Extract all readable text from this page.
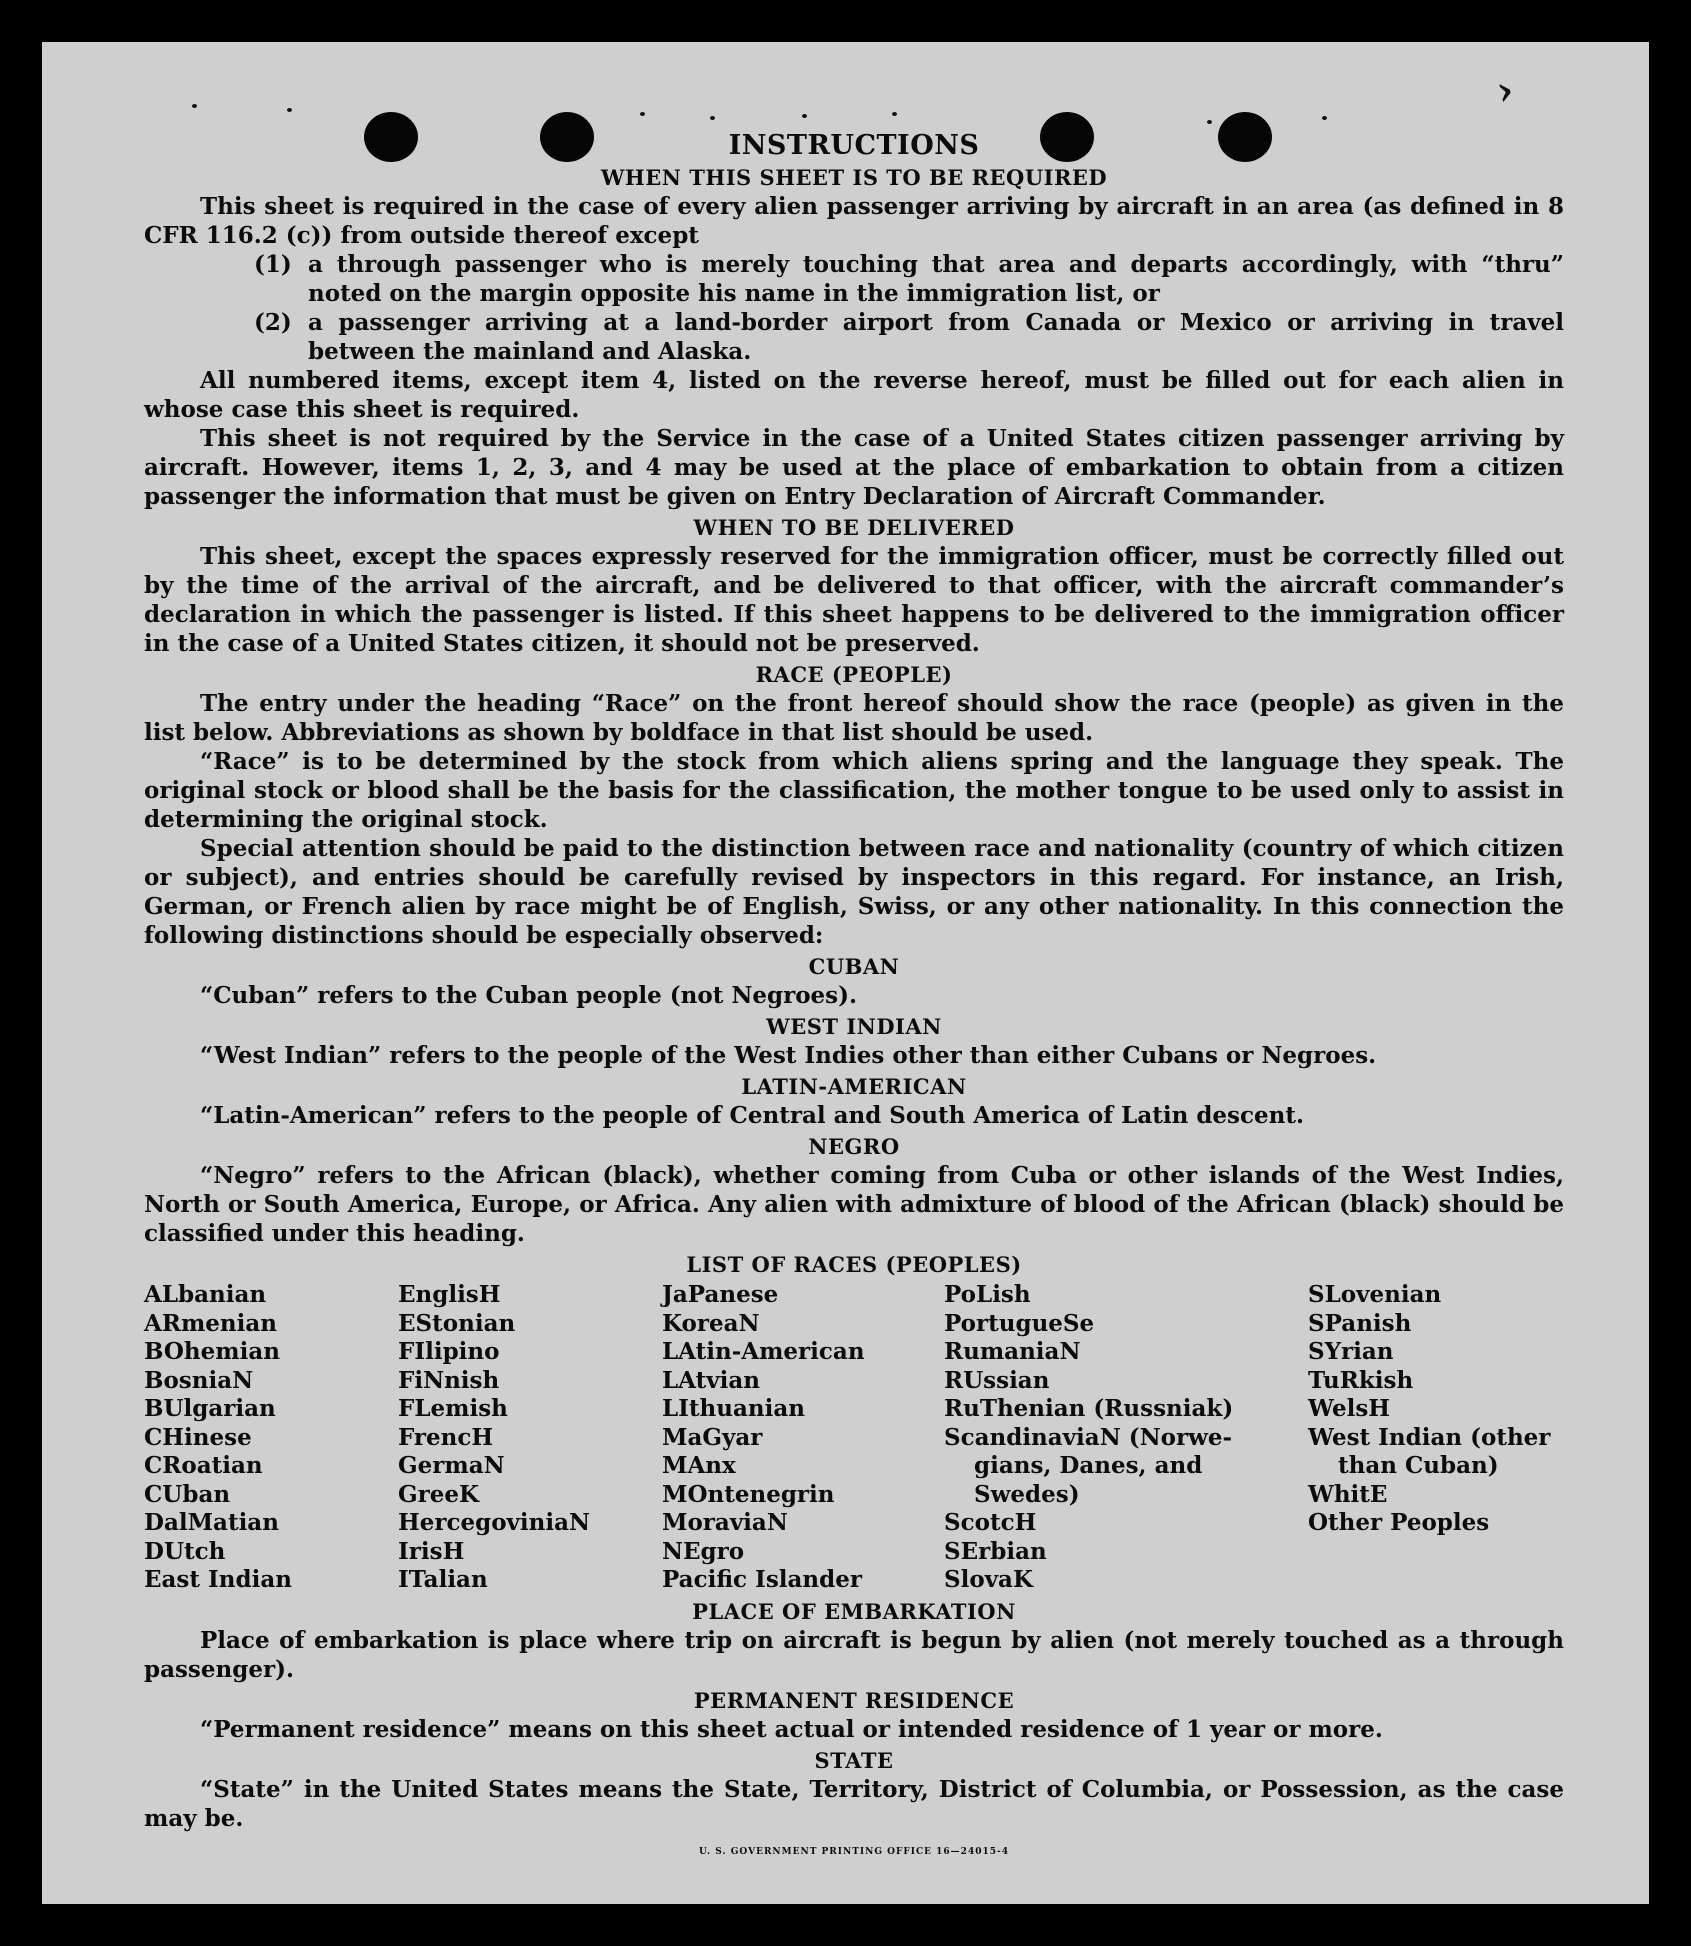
›
INSTRUCTIONS
WHEN THIS SHEET IS TO BE REQUIRED

This sheet is required in the case of every alien passenger arriving by aircraft in an area (as defined in 8 CFR 116.2 (c)) from outside thereof except

(1) a through passenger who is merely touching that area and departs accordingly, with “thru” noted on the margin opposite his name in the immigration list, or
(2) a passenger arriving at a land-border airport from Canada or Mexico or arriving in travel between the mainland and Alaska.

All numbered items, except item 4, listed on the reverse hereof, must be filled out for each alien in whose case this sheet is required.

This sheet is not required by the Service in the case of a United States citizen passenger arriving by aircraft. However, items 1, 2, 3, and 4 may be used at the place of embarkation to obtain from a citizen passenger the information that must be given on Entry Declaration of Aircraft Commander.

WHEN TO BE DELIVERED

This sheet, except the spaces expressly reserved for the immigration officer, must be correctly filled out by the time of the arrival of the aircraft, and be delivered to that officer, with the aircraft commander’s declaration in which the passenger is listed. If this sheet happens to be delivered to the immigration officer in the case of a United States citizen, it should not be preserved.

RACE (PEOPLE)

The entry under the heading “Race” on the front hereof should show the race (people) as given in the list below. Abbreviations as shown by boldface in that list should be used.

“Race” is to be determined by the stock from which aliens spring and the language they speak. The original stock or blood shall be the basis for the classification, the mother tongue to be used only to assist in determining the original stock.

Special attention should be paid to the distinction between race and nationality (country of which citizen or subject), and entries should be carefully revised by inspectors in this regard. For instance, an Irish, German, or French alien by race might be of English, Swiss, or any other nationality. In this connection the following distinctions should be especially observed:

CUBAN

“Cuban” refers to the Cuban people (not Negroes).

WEST INDIAN

“West Indian” refers to the people of the West Indies other than either Cubans or Negroes.

LATIN-AMERICAN

“Latin-American” refers to the people of Central and South America of Latin descent.

NEGRO

“Negro” refers to the African (black), whether coming from Cuba or other islands of the West Indies, North or South America, Europe, or Africa. Any alien with admixture of blood of the African (black) should be classified under this heading.

LIST OF RACES (PEOPLES)
ALbanian
ARmenian
BOhemian
BosniaN
BUlgarian
CHinese
CRoatian
CUban
DalMatian
DUtch
East Indian
EnglisH
EStonian
FIlipino
FiNnish
FLemish
FrencH
GermaN
GreeK
HercegoviniaN
IrisH
ITalian
JaPanese
KoreaN
LAtin-American
LAtvian
LIthuanian
MaGyar
MAnx
MOntenegrin
MoraviaN
NEgro
Pacific Islander
PoLish
PortugueSe
RumaniaN
RUssian
RuThenian (Russniak)
ScandinaviaN (Norwe-
gians, Danes, and
Swedes)
ScotcH
SErbian
SlovaK
SLovenian
SPanish
SYrian
TuRkish
WelsH
West Indian (other
than Cuban)
WhitE
Other Peoples
PLACE OF EMBARKATION

Place of embarkation is place where trip on aircraft is begun by alien (not merely touched as a through passenger).

PERMANENT RESIDENCE

“Permanent residence” means on this sheet actual or intended residence of 1 year or more.

STATE

“State” in the United States means the State, Territory, District of Columbia, or Possession, as the case may be.

U. S. GOVERNMENT PRINTING OFFICE 16—24015-4
